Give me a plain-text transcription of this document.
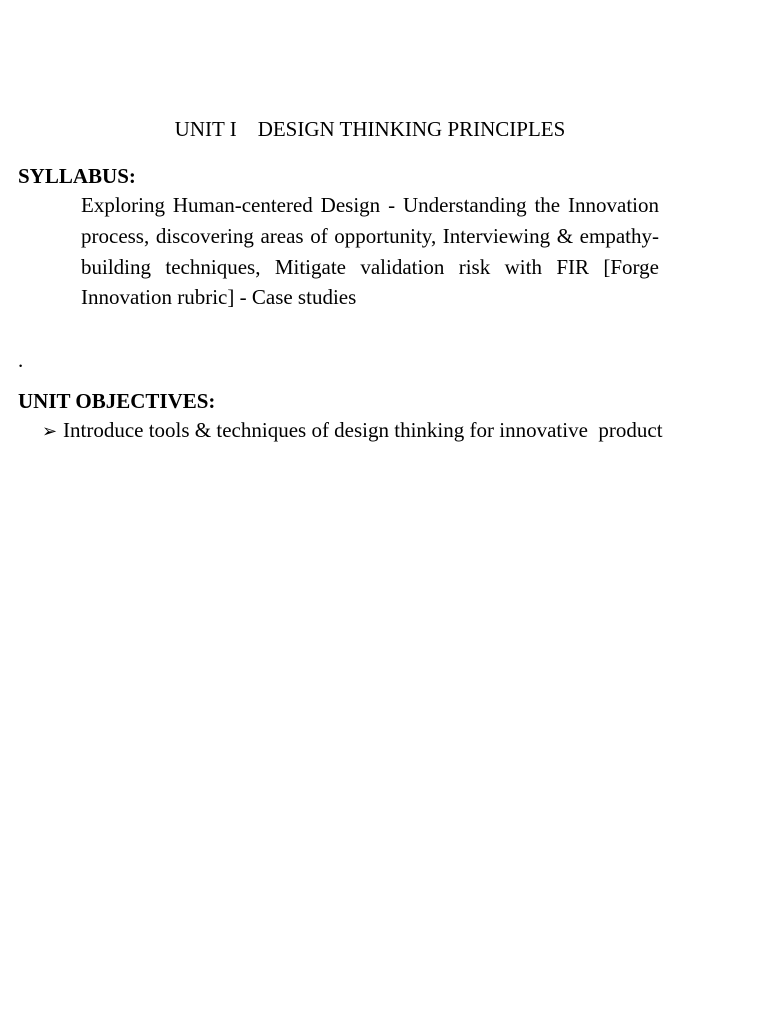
UNIT I    DESIGN THINKING PRINCIPLES
SYLLABUS:
Exploring Human-centered Design - Understanding the Innovation process, discovering areas of opportunity, Interviewing & empathy-building techniques, Mitigate validation risk with FIR [Forge Innovation rubric] - Case studies
.
UNIT OBJECTIVES:
➢ Introduce tools & techniques of design thinking for innovative  product
